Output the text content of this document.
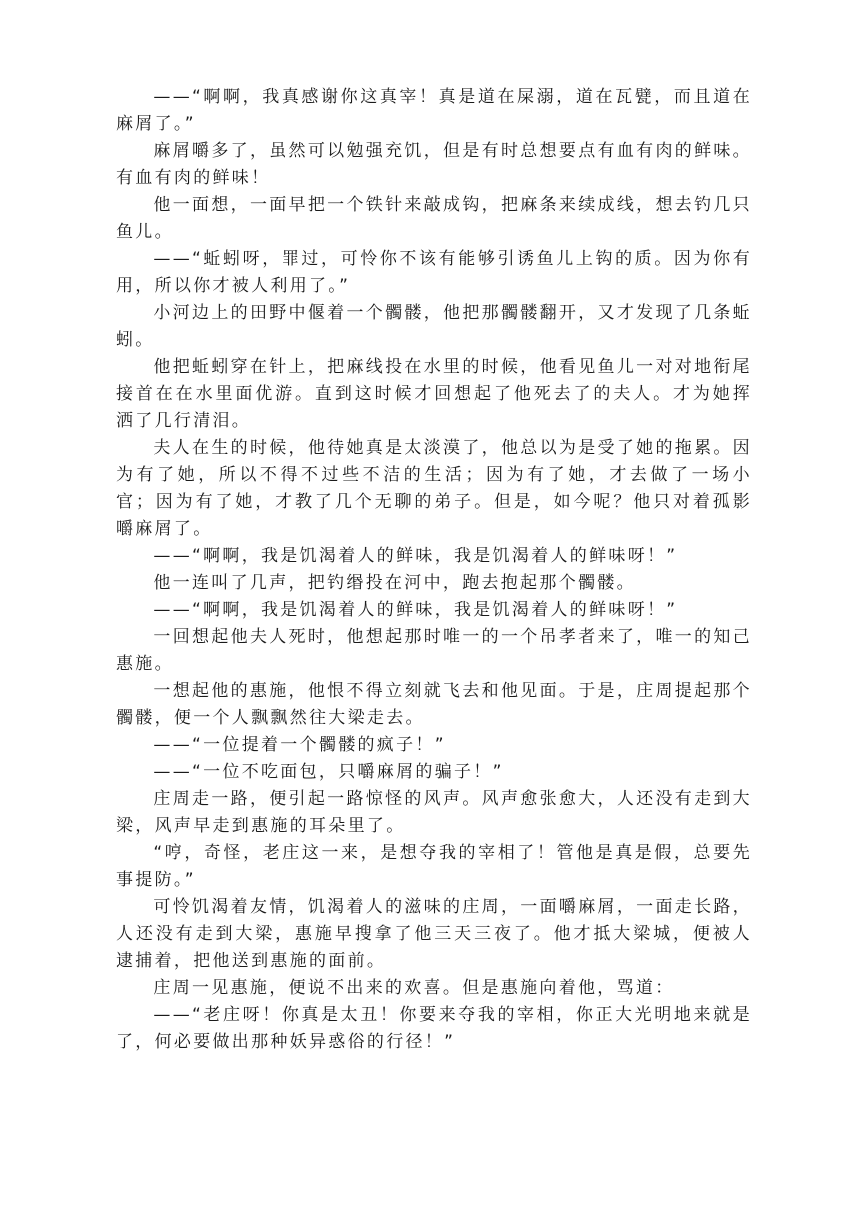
——“啊啊，我真感谢你这真宰！真是道在屎溺，道在瓦甓，而且道在麻屑了。”

麻屑嚼多了，虽然可以勉强充饥，但是有时总想要点有血有肉的鲜味。有血有肉的鲜味！

他一面想，一面早把一个铁针来敲成钩，把麻条来续成线，想去钓几只鱼儿。

——“蚯蚓呀，罪过，可怜你不该有能够引诱鱼儿上钩的质。因为你有用，所以你才被人利用了。”

小河边上的田野中偃着一个髑髅，他把那髑髅翻开，又才发现了几条蚯蚓。

他把蚯蚓穿在针上，把麻线投在水里的时候，他看见鱼儿一对对地衔尾接首在在水里面优游。直到这时候才回想起了他死去了的夫人。才为她挥洒了几行清泪。

夫人在生的时候，他待她真是太淡漠了，他总以为是受了她的拖累。因为有了她，所以不得不过些不洁的生活；因为有了她，才去做了一场小官；因为有了她，才教了几个无聊的弟子。但是，如今呢？他只对着孤影嚼麻屑了。

——“啊啊，我是饥渴着人的鲜味，我是饥渴着人的鲜味呀！”

他一连叫了几声，把钓缗投在河中，跑去抱起那个髑髅。

——“啊啊，我是饥渴着人的鲜味，我是饥渴着人的鲜味呀！”

一回想起他夫人死时，他想起那时唯一的一个吊孝者来了，唯一的知己惠施。

一想起他的惠施，他恨不得立刻就飞去和他见面。于是，庄周提起那个髑髅，便一个人飘飘然往大梁走去。

——“一位提着一个髑髅的疯子！”

——“一位不吃面包，只嚼麻屑的骗子！”

庄周走一路，便引起一路惊怪的风声。风声愈张愈大，人还没有走到大梁，风声早走到惠施的耳朵里了。

“哼，奇怪，老庄这一来，是想夺我的宰相了！管他是真是假，总要先事提防。”

可怜饥渴着友情，饥渴着人的滋味的庄周，一面嚼麻屑，一面走长路，人还没有走到大梁，惠施早搜拿了他三天三夜了。他才抵大梁城，便被人逮捕着，把他送到惠施的面前。

庄周一见惠施，便说不出来的欢喜。但是惠施向着他，骂道：

——“老庄呀！你真是太丑！你要来夺我的宰相，你正大光明地来就是了，何必要做出那种妖异惑俗的行径！”
